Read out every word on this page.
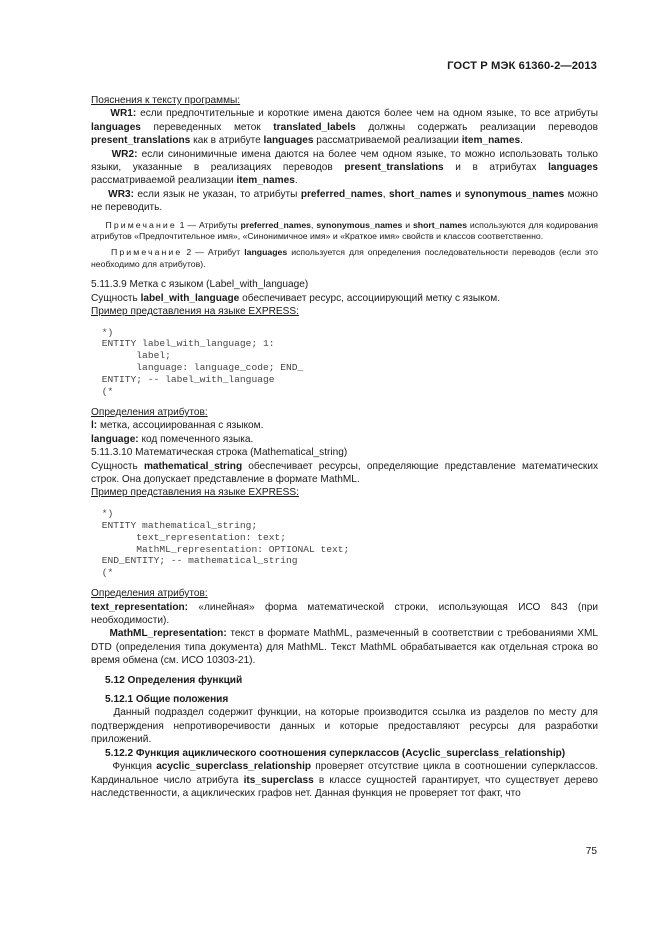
ГОСТ Р МЭК 61360-2—2013

Пояснения к тексту программы:

WR1: если предпочтительные и короткие имена даются более чем на одном языке, то все атрибуты languages переведенных меток translated_labels должны содержать реализации переводов present_translations как в атрибуте languages рассматриваемой реализации item_names.

WR2: если синонимичные имена даются на более чем одном языке, то можно использовать только языки, указанные в реализациях переводов present_translations и в атрибутах languages рассматриваемой реализации item_names.

WR3: если язык не указан, то атрибуты preferred_names, short_names и synonymous_names можно не переводить.

Примечание 1 — Атрибуты preferred_names, synonymous_names и short_names используются для кодирования атрибутов «Предпочтительное имя», «Синонимичное имя» и «Краткое имя» свойств и классов соответственно.

Примечание 2 — Атрибут languages используется для определения последовательности переводов (если это необходимо для атрибутов).

5.11.3.9 Метка с языком (Label_with_language)

Сущность label_with_language обеспечивает ресурс, ассоциирующий метку с языком.

Пример представления на языке EXPRESS:

*)
ENTITY label_with_language; 1:
label;
language: language_code; END_
ENTITY; -- label_with_language
(*

Определения атрибутов:

l: метка, ассоциированная с языком.

language: код помеченного языка.

5.11.3.10 Математическая строка (Mathematical_string)

Сущность mathematical_string обеспечивает ресурсы, определяющие представление математических строк. Она допускает представление в формате MathML.

Пример представления на языке EXPRESS:

*)
ENTITY mathematical_string;
text_representation: text;
MathML_representation: OPTIONAL text;
END_ENTITY; -- mathematical_string
(*

Определения атрибутов:

text_representation: «линейная» форма математической строки, использующая ИСО 843 (при необходимости).

MathML_representation: текст в формате MathML, размеченный в соответствии с требованиями XML DTD (определения типа документа) для MathML. Текст MathML обрабатывается как отдельная строка во время обмена (см. ИСО 10303-21).

5.12 Определения функций

5.12.1 Общие положения

Данный подраздел содержит функции, на которые производится ссылка из разделов по месту для подтверждения непротиворечивости данных и которые предоставляют ресурсы для разработки приложений.

5.12.2 Функция ациклического соотношения суперклассов (Acyclic_superclass_relationship)

Функция acyclic_superclass_relationship проверяет отсутствие цикла в соотношении суперклассов. Кардинальное число атрибута its_superclass в классе сущностей гарантирует, что существует дерево наследственности, а ациклических графов нет. Данная функция не проверяет тот факт, что

75
